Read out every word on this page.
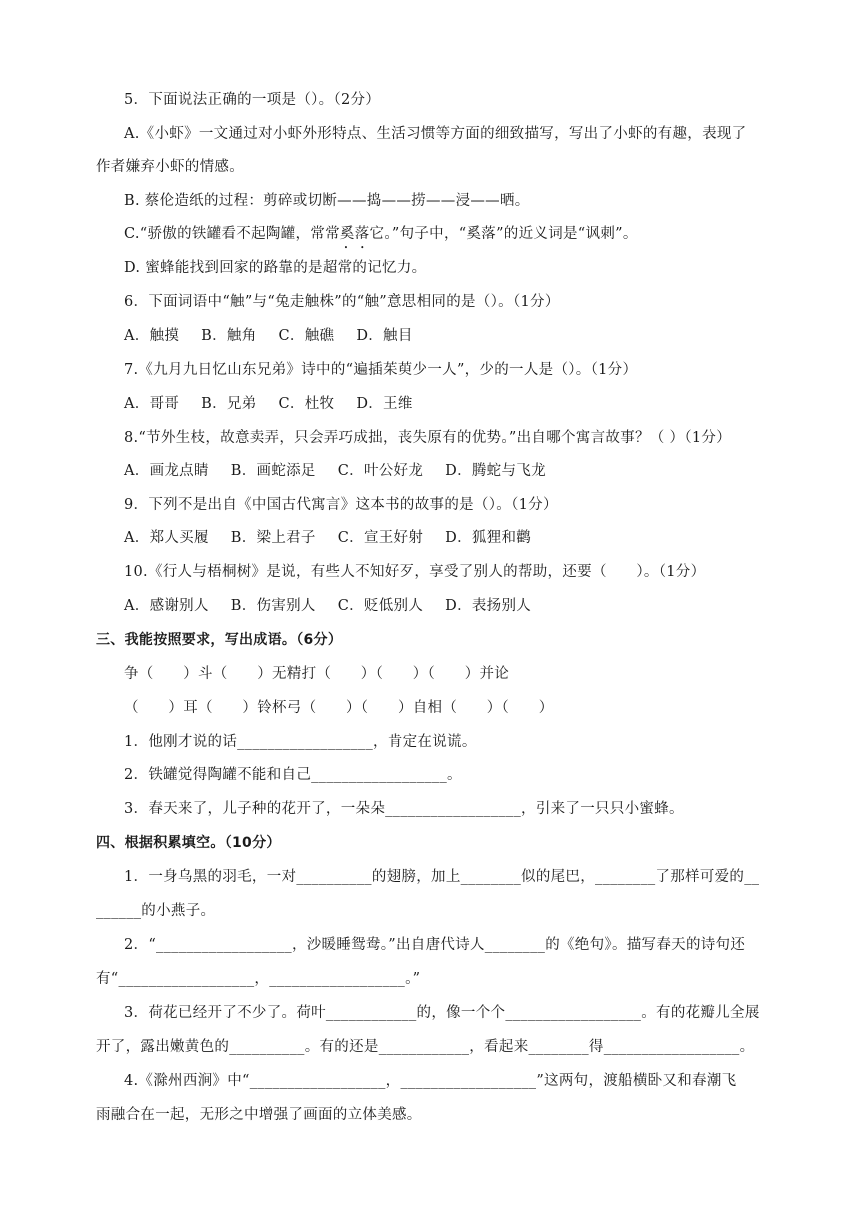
5．下面说法正确的一项是（）。（2分）
A.《小虾》一文通过对小虾外形特点、生活习惯等方面的细致描写，写出了小虾的有趣，表现了
作者嫌弃小虾的情感。
B. 蔡伦造纸的过程：剪碎或切断——捣——捞——浸——晒。
C.“骄傲的铁罐看不起陶罐，常常奚落 • •它。”句子中，“奚落”的近义词是“讽刺”。
D. 蜜蜂能找到回家的路靠的是超常的记忆力。
6．下面词语中“触”与“兔走触株”的“触”意思相同的是（）。（1分）
A．触摸 B．触角 C．触礁 D．触目
7.《九月九日忆山东兄弟》诗中的“遍插茱萸少一人”，少的一人是（）。（1分）
A．哥哥 B．兄弟 C．杜牧 D．王维
8.“节外生枝，故意卖弄，只会弄巧成拙，丧失原有的优势。”出自哪个寓言故事？（ ）（1分）
A．画龙点睛 B．画蛇添足 C．叶公好龙 D．腾蛇与飞龙
9．下列不是出自《中国古代寓言》这本书的故事的是（）。（1分）
A．郑人买履 B．梁上君子 C．宣王好射 D．狐狸和鹳
10.《行人与梧桐树》是说，有些人不知好歹，享受了别人的帮助，还要（　　）。（1分）
A．感谢别人 B．伤害别人 C．贬低别人 D．表扬别人
三、我能按照要求，写出成语。（6分）
争（　　）斗（　　）无精打（　　）（　　）（　　）并论
（　　）耳（　　）铃杯弓（　　）（　　）自相（　　）（　　）
1．他刚才说的话__________________，肯定在说谎。
2．铁罐觉得陶罐不能和自己__________________。
3．春天来了，儿子种的花开了，一朵朵__________________，引来了一只只小蜜蜂。
四、根据积累填空。（10分）
1．一身乌黑的羽毛，一对__________的翅膀，加上________似的尾巴，________了那样可爱的__
______的小燕子。
2．“__________________，沙暖睡鸳鸯。”出自唐代诗人________的《绝句》。描写春天的诗句还
有“__________________，__________________。”
3．荷花已经开了不少了。荷叶____________的，像一个个__________________。有的花瓣儿全展
开了，露出嫩黄色的__________。有的还是____________，看起来________得__________________。
4.《滁州西涧》中“__________________，__________________”这两句，渡船横卧又和春潮飞
雨融合在一起，无形之中增强了画面的立体美感。
